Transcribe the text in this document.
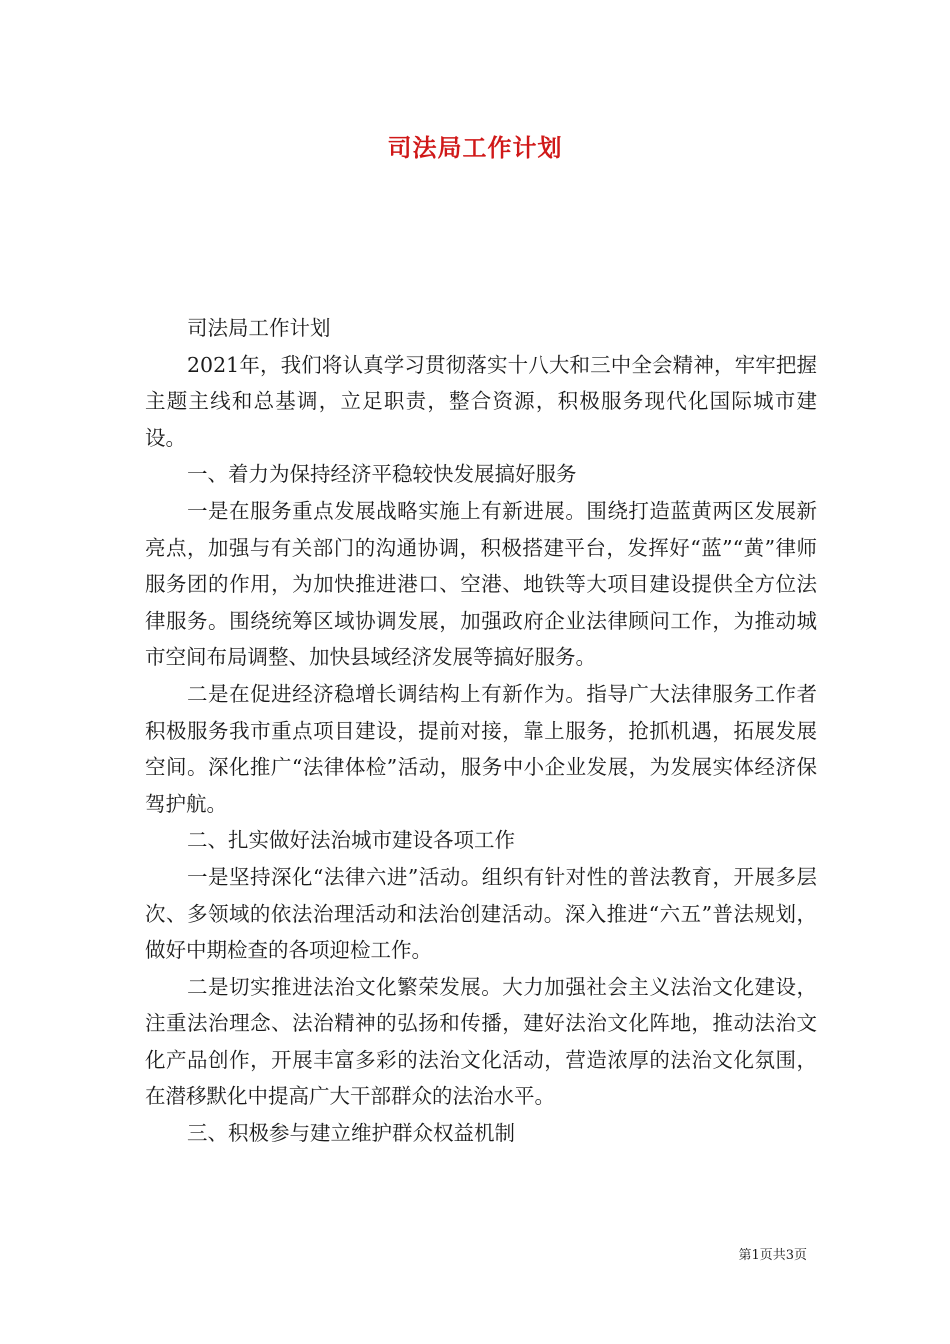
司法局工作计划

司法局工作计划

2021年，我们将认真学习贯彻落实十八大和三中全会精神，牢牢把握主题主线和总基调，立足职责，整合资源，积极服务现代化国际城市建设。

一、着力为保持经济平稳较快发展搞好服务

一是在服务重点发展战略实施上有新进展。围绕打造蓝黄两区发展新亮点，加强与有关部门的沟通协调，积极搭建平台，发挥好“蓝”“黄”律师服务团的作用，为加快推进港口、空港、地铁等大项目建设提供全方位法律服务。围绕统筹区域协调发展，加强政府企业法律顾问工作，为推动城市空间布局调整、加快县域经济发展等搞好服务。

二是在促进经济稳增长调结构上有新作为。指导广大法律服务工作者积极服务我市重点项目建设，提前对接，靠上服务，抢抓机遇，拓展发展空间。深化推广“法律体检”活动，服务中小企业发展，为发展实体经济保驾护航。

二、扎实做好法治城市建设各项工作

一是坚持深化“法律六进”活动。组织有针对性的普法教育，开展多层次、多领域的依法治理活动和法治创建活动。深入推进“六五”普法规划，做好中期检查的各项迎检工作。

二是切实推进法治文化繁荣发展。大力加强社会主义法治文化建设，注重法治理念、法治精神的弘扬和传播，建好法治文化阵地，推动法治文化产品创作，开展丰富多彩的法治文化活动，营造浓厚的法治文化氛围，在潜移默化中提高广大干部群众的法治水平。

三、积极参与建立维护群众权益机制

第1页共3页
